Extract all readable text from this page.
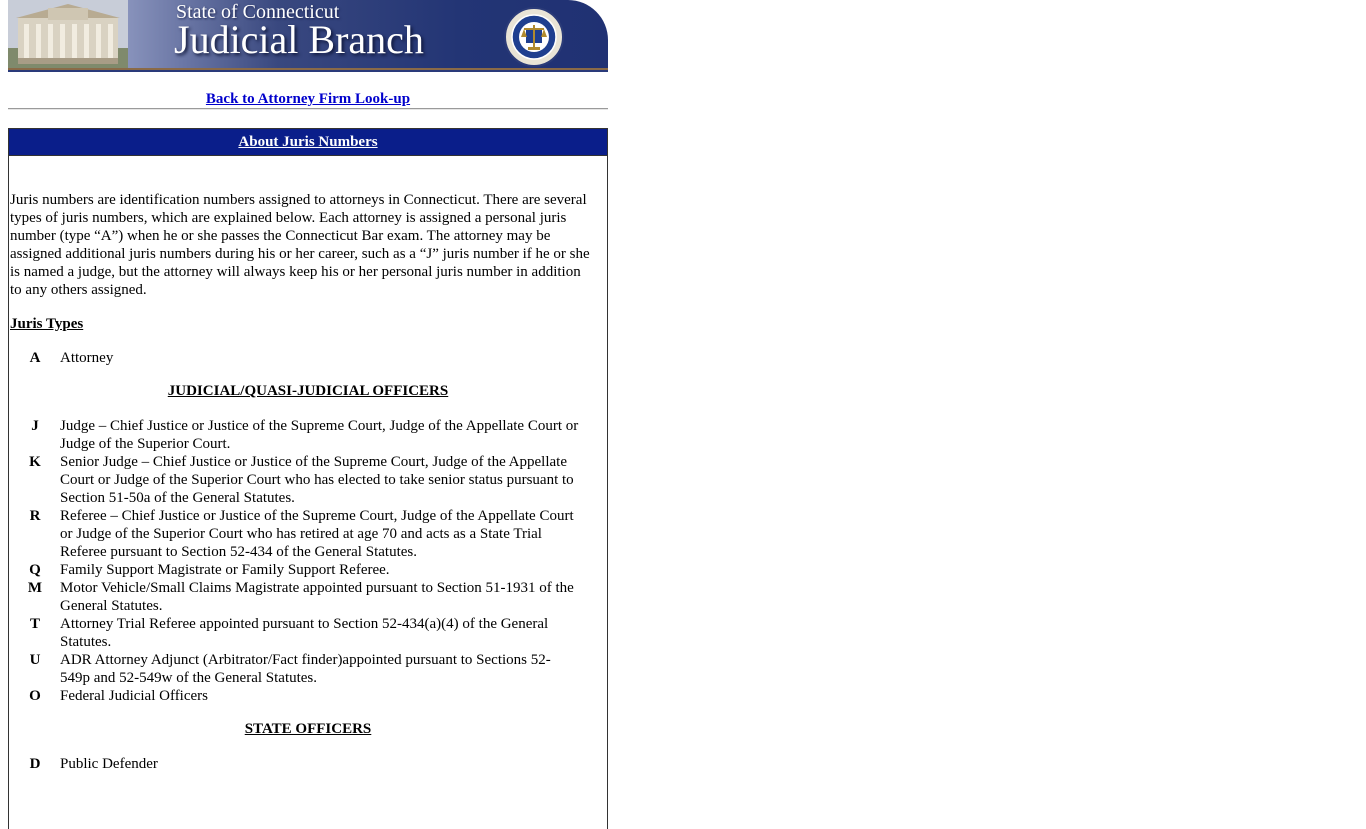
State of Connecticut
Judicial Branch
Back to Attorney Firm Look-up
About Juris Numbers
Juris numbers are identification numbers assigned to attorneys in Connecticut. There are several types of juris numbers, which are explained below. Each attorney is assigned a personal juris number (type “A”) when he or she passes the Connecticut Bar exam. The attorney may be assigned additional juris numbers during his or her career, such as a “J” juris number if he or she is named a judge, but the attorney will always keep his or her personal juris number in addition to any others assigned.
Juris Types
A	Attorney
JUDICIAL/QUASI-JUDICIAL OFFICERS
J	Judge – Chief Justice or Justice of the Supreme Court, Judge of the Appellate Court or Judge of the Superior Court.
K	Senior Judge – Chief Justice or Justice of the Supreme Court, Judge of the Appellate Court or Judge of the Superior Court who has elected to take senior status pursuant to Section 51-50a of the General Statutes.
R	Referee – Chief Justice or Justice of the Supreme Court, Judge of the Appellate Court or Judge of the Superior Court who has retired at age 70 and acts as a State Trial Referee pursuant to Section 52-434 of the General Statutes.
Q	Family Support Magistrate or Family Support Referee.
M	Motor Vehicle/Small Claims Magistrate appointed pursuant to Section 51-1931 of the General Statutes.
T	Attorney Trial Referee appointed pursuant to Section 52-434(a)(4) of the General Statutes.
U	ADR Attorney Adjunct (Arbitrator/Fact finder)appointed pursuant to Sections 52-549p and 52-549w of the General Statutes.
O	Federal Judicial Officers
STATE OFFICERS
D	Public Defender
